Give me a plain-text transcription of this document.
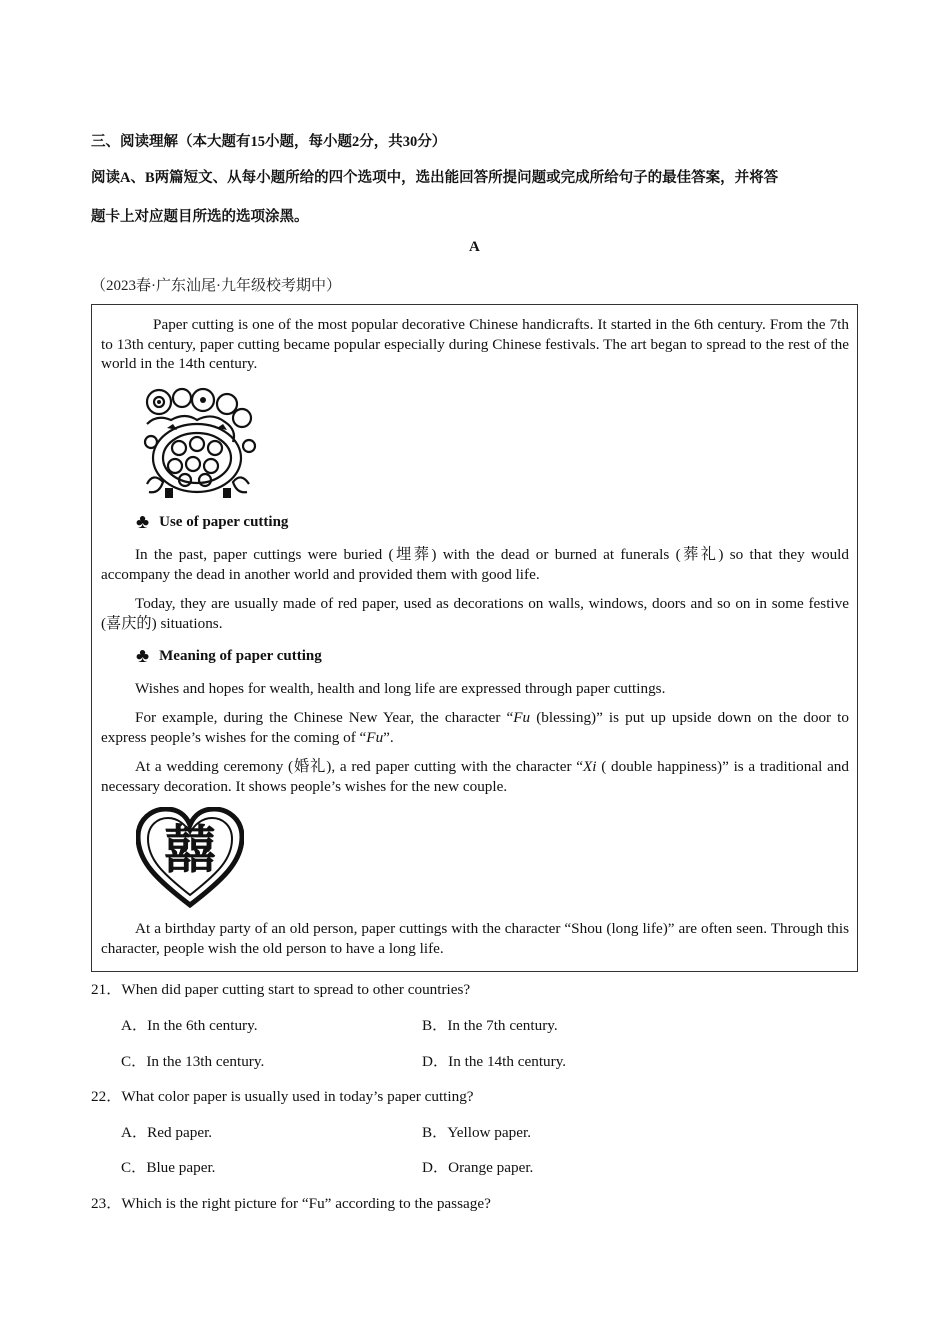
三、阅读理解（本大题有15小题，每小题2分，共30分）
阅读A、B两篇短文、从每小题所给的四个选项中，选出能回答所提问题或完成所给句子的最佳答案，并将答
题卡上对应题目所选的选项涂黑。
A
（2023春·广东汕尾·九年级校考期中）

Paper cutting is one of the most popular decorative Chinese handicrafts. It started in the 6th century. From the 7th to 13th century, paper cutting became popular especially during Chinese festivals. The art began to spread to the rest of the world in the 14th century.

♣ Use of paper cutting

In the past, paper cuttings were buried (埋葬) with the dead or burned at funerals (葬礼) so that they would accompany the dead in another world and provided them with good life.

Today, they are usually made of red paper, used as decorations on walls, windows, doors and so on in some festive (喜庆的) situations.

♣ Meaning of paper cutting

Wishes and hopes for wealth, health and long life are expressed through paper cuttings.

For example, during the Chinese New Year, the character “Fu (blessing)” is put up upside down on the door to express people’s wishes for the coming of “Fu”.

At a wedding ceremony (婚礼), a red paper cutting with the character “Xi ( double happiness)” is a traditional and necessary decoration. It shows people’s wishes for the new couple.

囍

At a birthday party of an old person, paper cuttings with the character “Shou (long life)” are often seen. Through this character, people wish the old person to have a long life.

21．When did paper cutting start to spread to other countries?
A．In the 6th century.	B．In the 7th century.
C．In the 13th century.	D．In the 14th century.
22．What color paper is usually used in today’s paper cutting?
A．Red paper.	B．Yellow paper.
C．Blue paper.	D．Orange paper.
23．Which is the right picture for “Fu” according to the passage?
